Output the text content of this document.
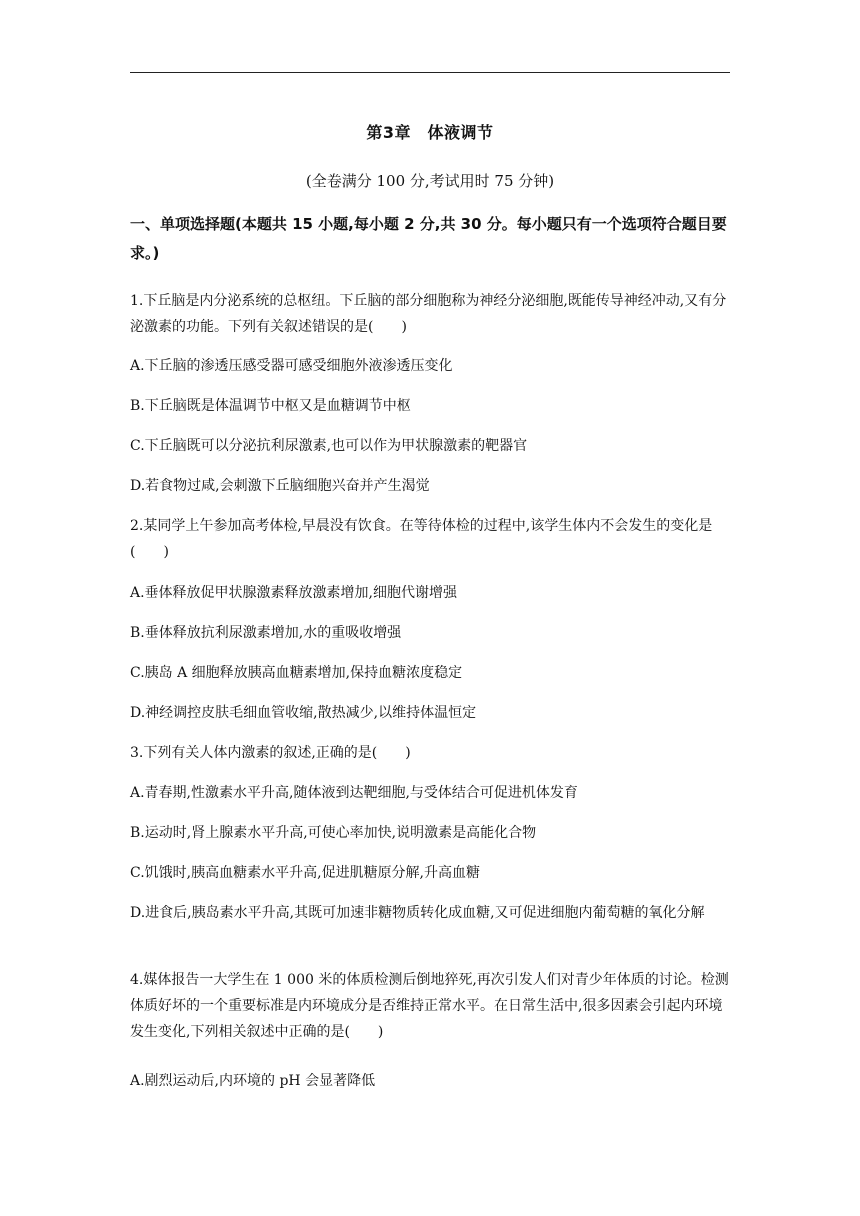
第3章　体液调节
(全卷满分 100 分,考试用时 75 分钟)
一、单项选择题(本题共 15 小题,每小题 2 分,共 30 分。每小题只有一个选项符合题目要求。)
1.下丘脑是内分泌系统的总枢纽。下丘脑的部分细胞称为神经分泌细胞,既能传导神经冲动,又有分泌激素的功能。下列有关叙述错误的是(　　)
A.下丘脑的渗透压感受器可感受细胞外液渗透压变化
B.下丘脑既是体温调节中枢又是血糖调节中枢
C.下丘脑既可以分泌抗利尿激素,也可以作为甲状腺激素的靶器官
D.若食物过咸,会刺激下丘脑细胞兴奋并产生渴觉
2.某同学上午参加高考体检,早晨没有饮食。在等待体检的过程中,该学生体内不会发生的变化是(　　)
A.垂体释放促甲状腺激素释放激素增加,细胞代谢增强
B.垂体释放抗利尿激素增加,水的重吸收增强
C.胰岛 A 细胞释放胰高血糖素增加,保持血糖浓度稳定
D.神经调控皮肤毛细血管收缩,散热减少,以维持体温恒定
3.下列有关人体内激素的叙述,正确的是(　　)
A.青春期,性激素水平升高,随体液到达靶细胞,与受体结合可促进机体发育
B.运动时,肾上腺素水平升高,可使心率加快,说明激素是高能化合物
C.饥饿时,胰高血糖素水平升高,促进肌糖原分解,升高血糖
D.进食后,胰岛素水平升高,其既可加速非糖物质转化成血糖,又可促进细胞内葡萄糖的氧化分解
4.媒体报告一大学生在 1 000 米的体质检测后倒地猝死,再次引发人们对青少年体质的讨论。检测体质好坏的一个重要标准是内环境成分是否维持正常水平。在日常生活中,很多因素会引起内环境发生变化,下列相关叙述中正确的是(　　)
A.剧烈运动后,内环境的 pH 会显著降低
